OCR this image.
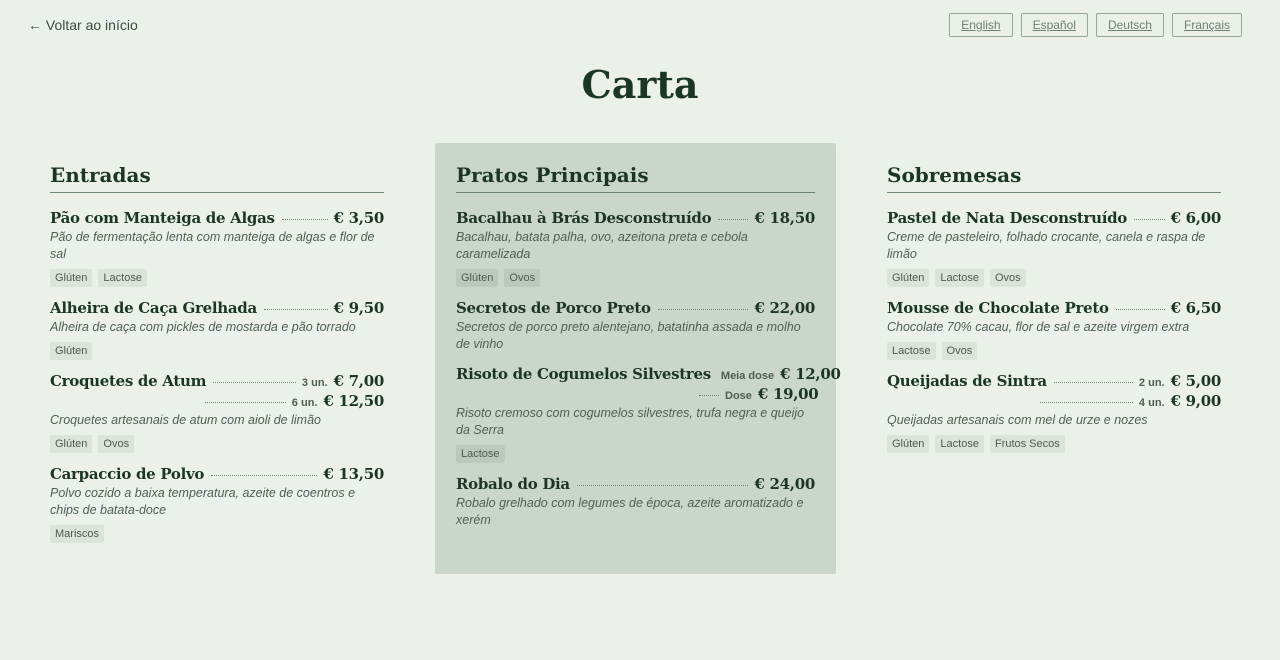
← Voltar ao início	English	Español	Deutsch	Français
Carta
Entradas
Pão com Manteiga de Algas	€ 3,50
Pão de fermentação lenta com manteiga de algas e flor de sal
Glúten	Lactose
Alheira de Caça Grelhada	€ 9,50
Alheira de caça com pickles de mostarda e pão torrado
Glúten
Croquetes de Atum	3 un. € 7,00
6 un. € 12,50
Croquetes artesanais de atum com aioli de limão
Glúten	Ovos
Carpaccio de Polvo	€ 13,50
Polvo cozido a baixa temperatura, azeite de coentros e chips de batata-doce
Mariscos
Pratos Principais
Bacalhau à Brás Desconstruído	€ 18,50
Bacalhau, batata palha, ovo, azeitona preta e cebola caramelizada
Glúten	Ovos
Secretos de Porco Preto	€ 22,00
Secretos de porco preto alentejano, batatinha assada e molho de vinho
Risoto de Cogumelos Silvestres Meia dose € 12,00
Dose € 19,00
Risoto cremoso com cogumelos silvestres, trufa negra e queijo da Serra
Lactose
Robalo do Dia	€ 24,00
Robalo grelhado com legumes de época, azeite aromatizado e xerém
Sobremesas
Pastel de Nata Desconstruído	€ 6,00
Creme de pasteleiro, folhado crocante, canela e raspa de limão
Glúten	Lactose	Ovos
Mousse de Chocolate Preto	€ 6,50
Chocolate 70% cacau, flor de sal e azeite virgem extra
Lactose	Ovos
Queijadas de Sintra	2 un. € 5,00
4 un. € 9,00
Queijadas artesanais com mel de urze e nozes
Glúten	Lactose	Frutos Secos
